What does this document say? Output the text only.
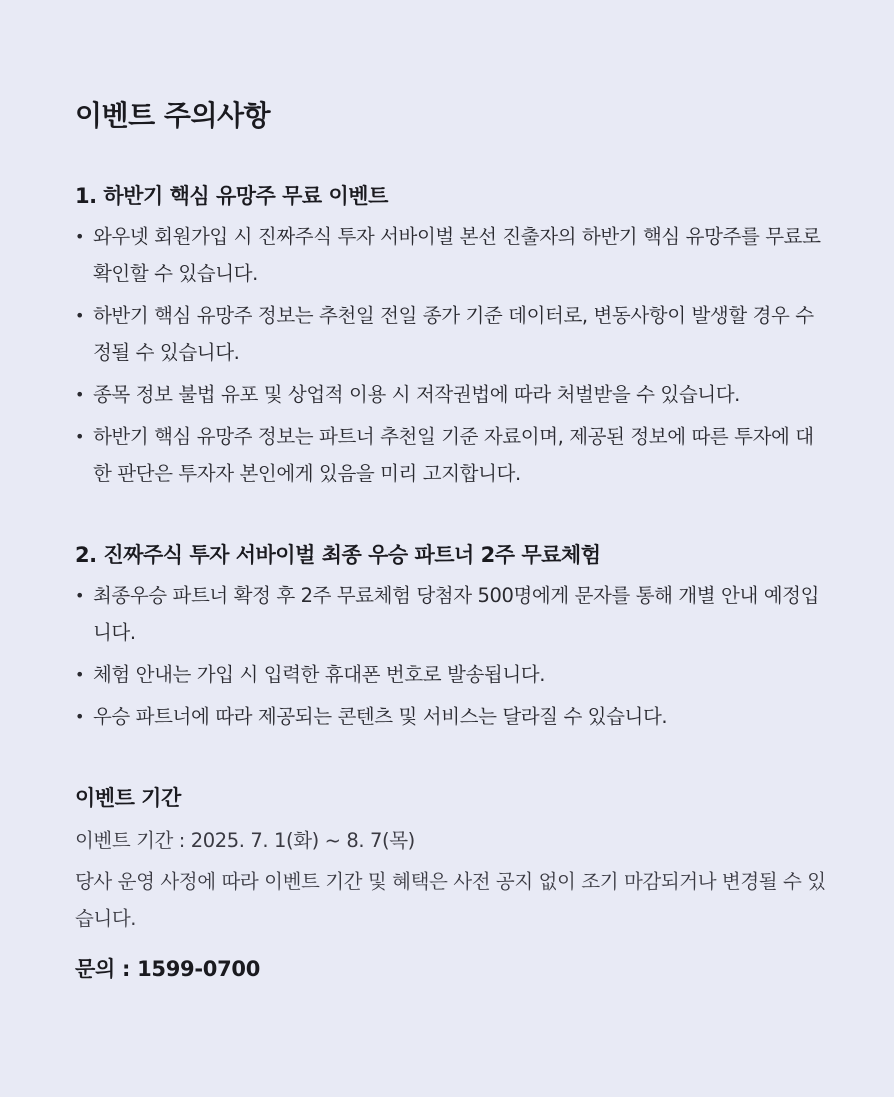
이벤트 주의사항
1. 하반기 핵심 유망주 무료 이벤트
• 와우넷 회원가입 시 진짜주식 투자 서바이벌 본선 진출자의 하반기 핵심 유망주를 무료로 확인할 수 있습니다.
• 하반기 핵심 유망주 정보는 추천일 전일 종가 기준 데이터로, 변동사항이 발생할 경우 수정될 수 있습니다.
• 종목 정보 불법 유포 및 상업적 이용 시 저작권법에 따라 처벌받을 수 있습니다.
• 하반기 핵심 유망주 정보는 파트너 추천일 기준 자료이며, 제공된 정보에 따른 투자에 대한 판단은 투자자 본인에게 있음을 미리 고지합니다.
2. 진짜주식 투자 서바이벌 최종 우승 파트너 2주 무료체험
• 최종우승 파트너 확정 후 2주 무료체험 당첨자 500명에게 문자를 통해 개별 안내 예정입니다.
• 체험 안내는 가입 시 입력한 휴대폰 번호로 발송됩니다.
• 우승 파트너에 따라 제공되는 콘텐츠 및 서비스는 달라질 수 있습니다.
이벤트 기간

이벤트 기간 : 2025. 7. 1(화) ~ 8. 7(목)

당사 운영 사정에 따라 이벤트 기간 및 혜택은 사전 공지 없이 조기 마감되거나 변경될 수 있습니다.

문의 : 1599-0700
